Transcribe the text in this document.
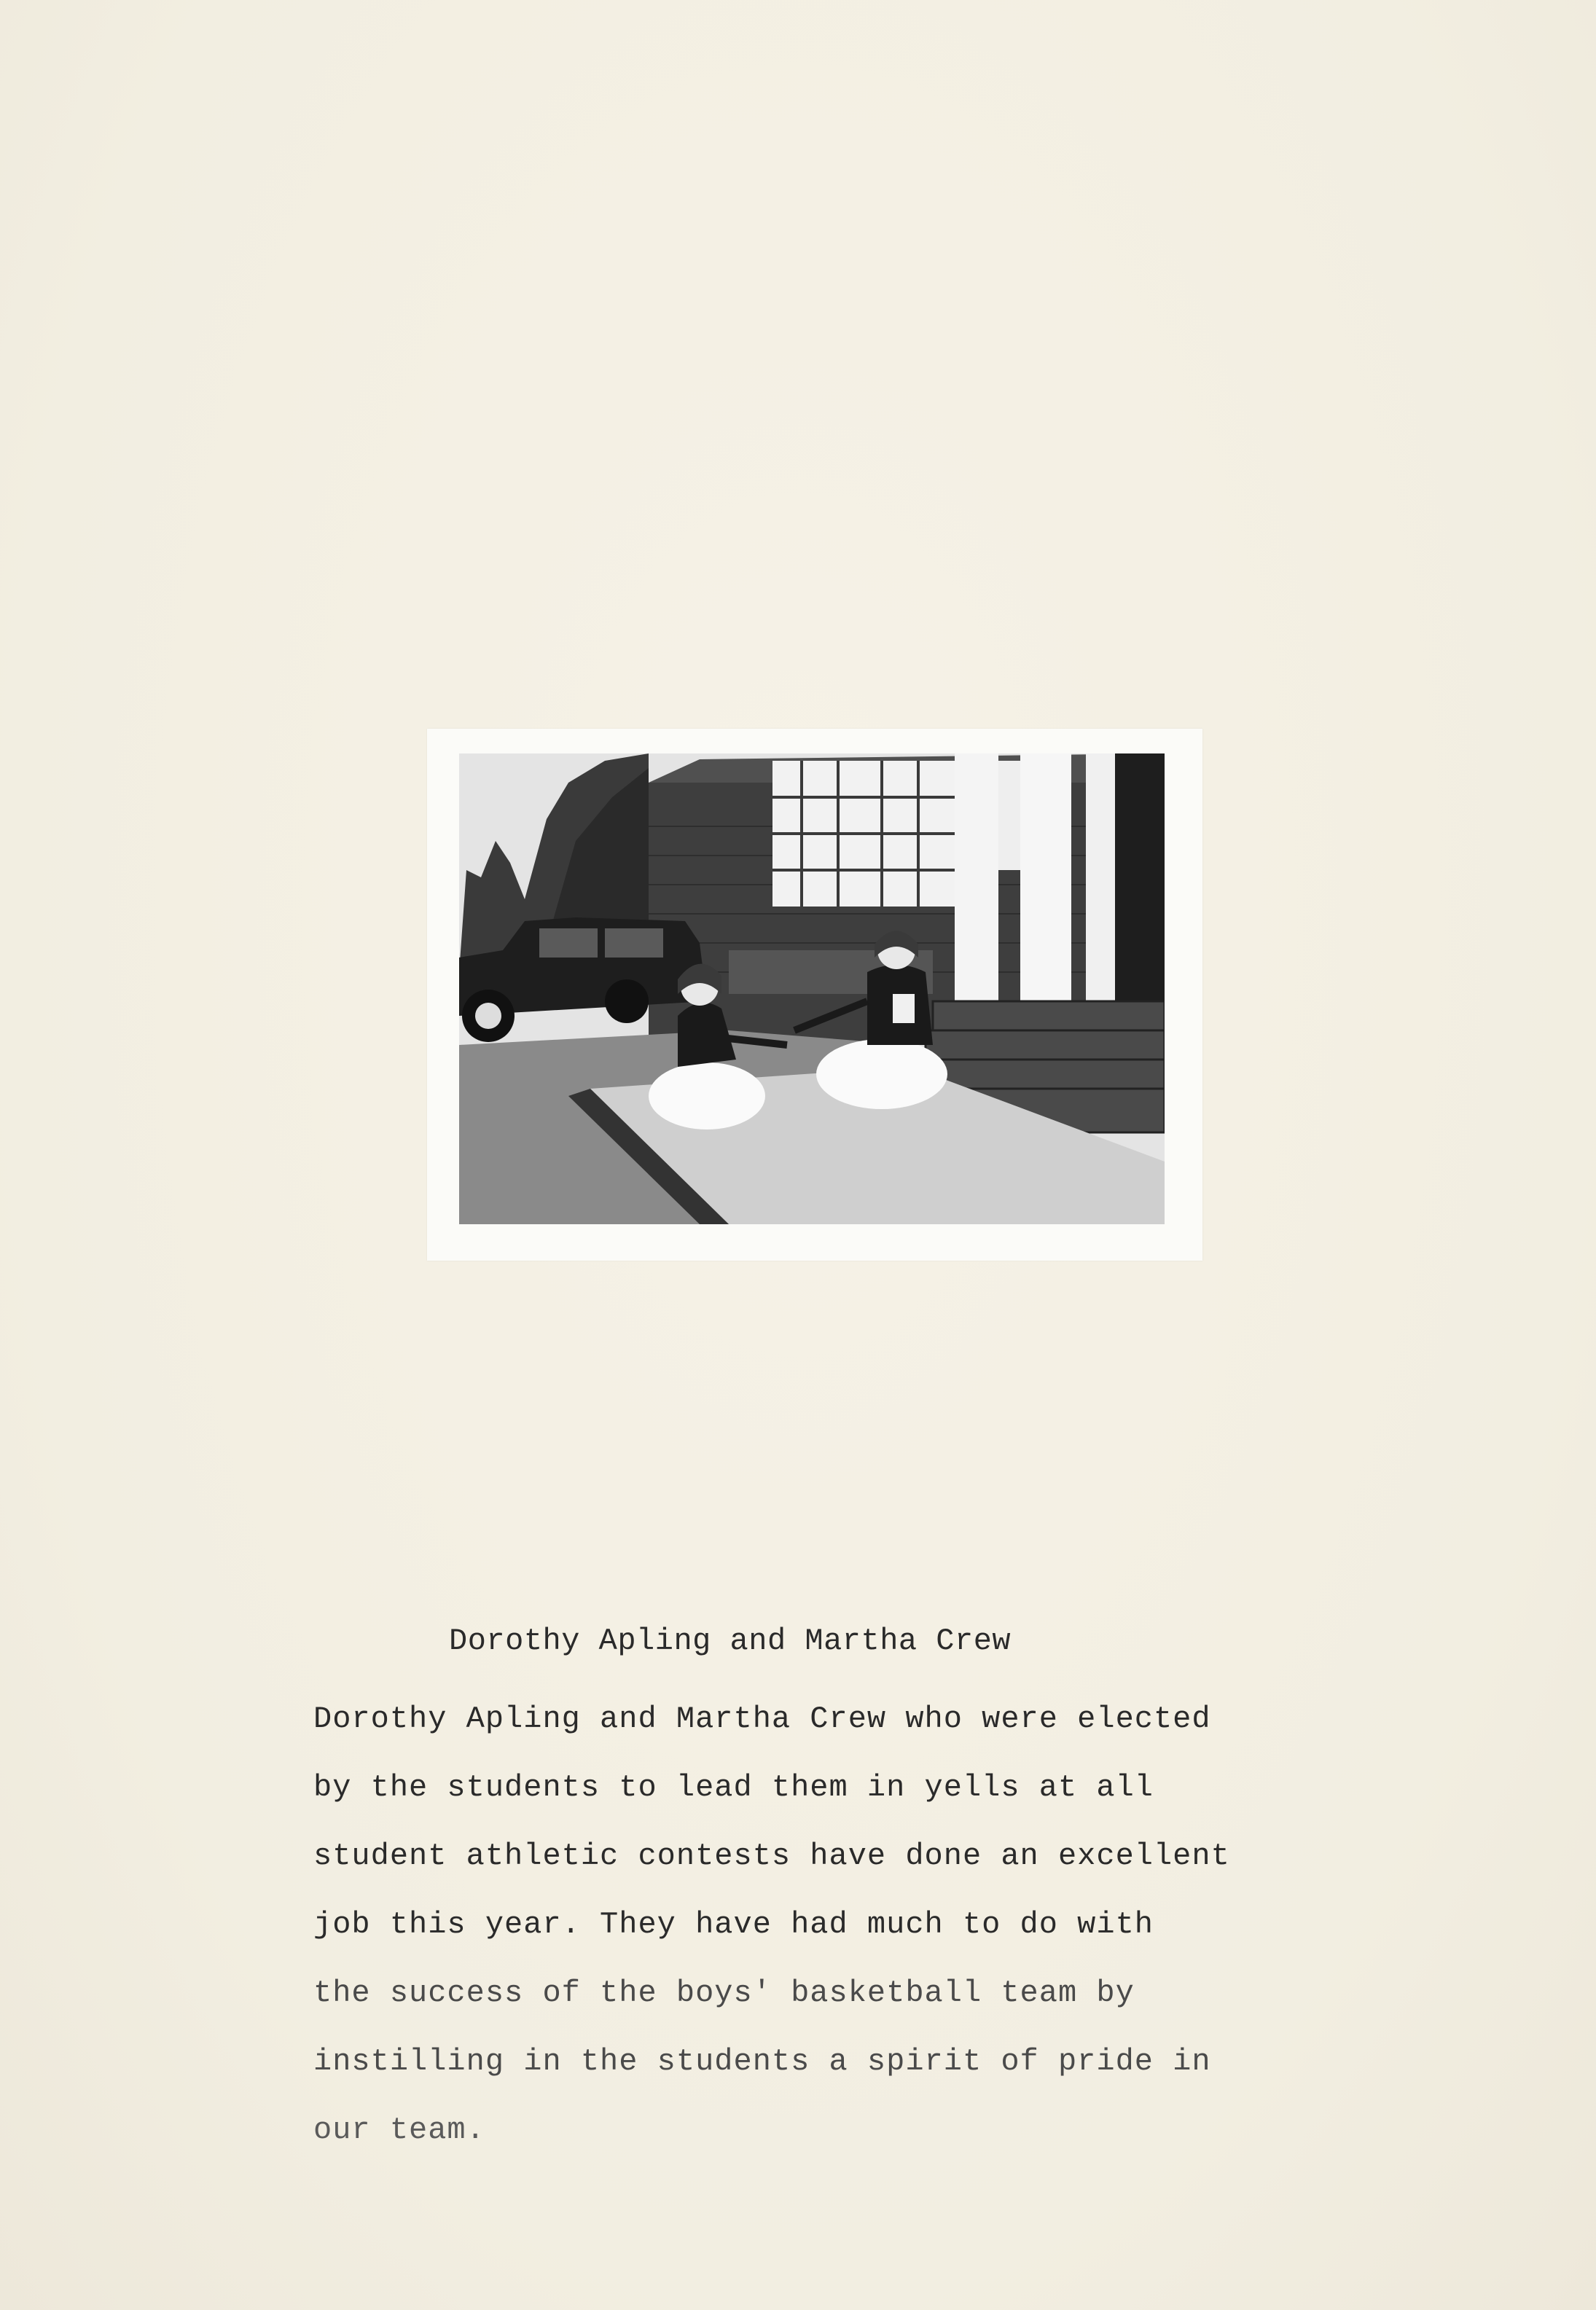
Dorothy Apling and Martha Crew
Dorothy Apling and Martha Crew who were elected
by the students to lead them in yells at all
student athletic contests have done an excellent
job this year. They have had much to do with
the success of the boys' basketball team by
instilling in the students a spirit of pride in
our team.
